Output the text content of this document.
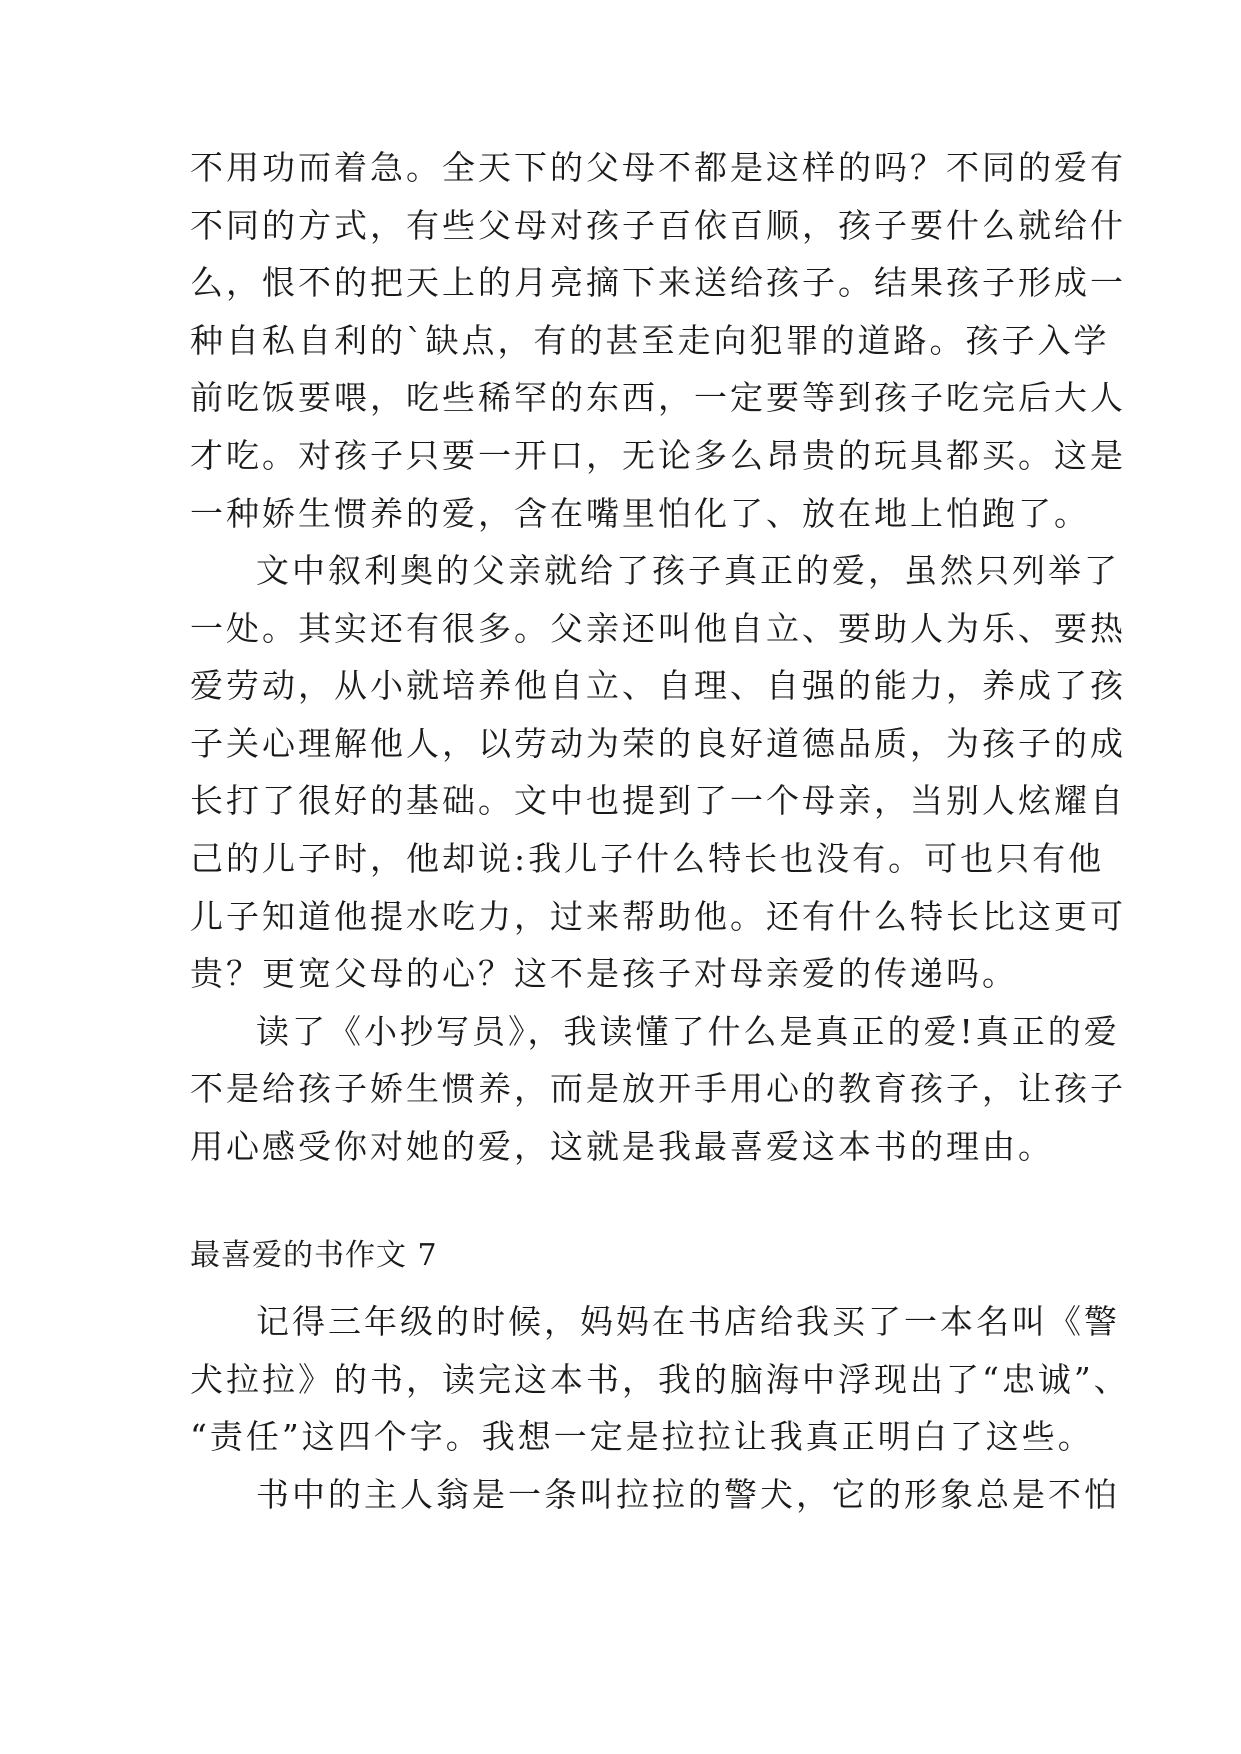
不用功而着急。全天下的父母不都是这样的吗？不同的爱有
不同的方式，有些父母对孩子百依百顺，孩子要什么就给什
么，恨不的把天上的月亮摘下来送给孩子。结果孩子形成一
种自私自利的`缺点，有的甚至走向犯罪的道路。孩子入学
前吃饭要喂，吃些稀罕的东西，一定要等到孩子吃完后大人
才吃。对孩子只要一开口，无论多么昂贵的玩具都买。这是
一种娇生惯养的爱，含在嘴里怕化了、放在地上怕跑了。
文中叙利奥的父亲就给了孩子真正的爱，虽然只列举了
一处。其实还有很多。父亲还叫他自立、要助人为乐、要热
爱劳动，从小就培养他自立、自理、自强的能力，养成了孩
子关心理解他人，以劳动为荣的良好道德品质，为孩子的成
长打了很好的基础。文中也提到了一个母亲，当别人炫耀自
己的儿子时，他却说:我儿子什么特长也没有。可也只有他
儿子知道他提水吃力，过来帮助他。还有什么特长比这更可
贵？更宽父母的心？这不是孩子对母亲爱的传递吗。
读了《小抄写员》，我读懂了什么是真正的爱!真正的爱
不是给孩子娇生惯养，而是放开手用心的教育孩子，让孩子
用心感受你对她的爱，这就是我最喜爱这本书的理由。
最喜爱的书作文 7
记得三年级的时候，妈妈在书店给我买了一本名叫《警
犬拉拉》的书，读完这本书，我的脑海中浮现出了“忠诚”、
“责任”这四个字。我想一定是拉拉让我真正明白了这些。
书中的主人翁是一条叫拉拉的警犬，它的形象总是不怕
